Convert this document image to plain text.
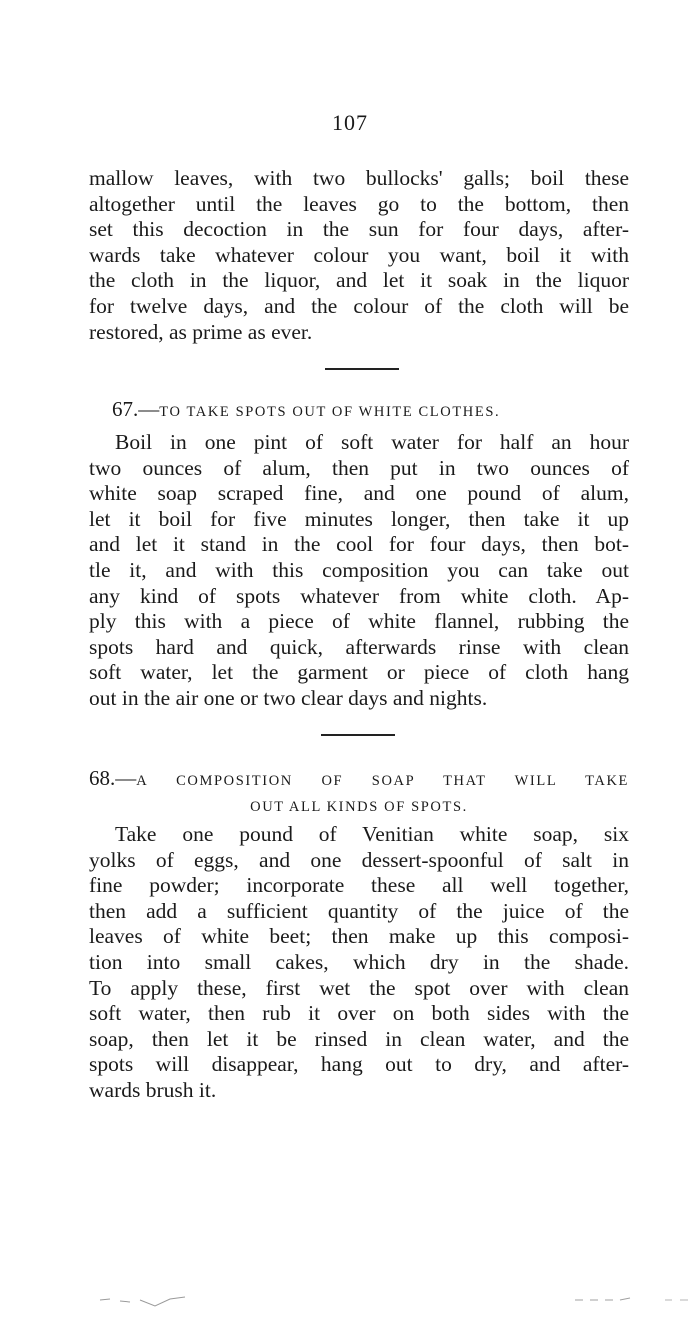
107
mallow leaves, with two bullocks' galls; boil these
altogether until the leaves go to the bottom, then
set this decoction in the sun for four days, after-
wards take whatever colour you want, boil it with
the cloth in the liquor, and let it soak in the liquor
for twelve days, and the colour of the cloth will be
restored, as prime as ever.
67.—TO TAKE SPOTS OUT OF WHITE CLOTHES.
Boil in one pint of soft water for half an hour
two ounces of alum, then put in two ounces of
white soap scraped fine, and one pound of alum,
let it boil for five minutes longer, then take it up
and let it stand in the cool for four days, then bot-
tle it, and with this composition you can take out
any kind of spots whatever from white cloth. Ap-
ply this with a piece of white flannel, rubbing the
spots hard and quick, afterwards rinse with clean
soft water, let the garment or piece of cloth hang
out in the air one or two clear days and nights.
68.—A COMPOSITION OF SOAP THAT WILL TAKE
OUT ALL KINDS OF SPOTS.
Take one pound of Venitian white soap, six
yolks of eggs, and one dessert-spoonful of salt in
fine powder; incorporate these all well together,
then add a sufficient quantity of the juice of the
leaves of white beet; then make up this composi-
tion into small cakes, which dry in the shade.
To apply these, first wet the spot over with clean
soft water, then rub it over on both sides with the
soap, then let it be rinsed in clean water, and the
spots will disappear, hang out to dry, and after-
wards brush it.
